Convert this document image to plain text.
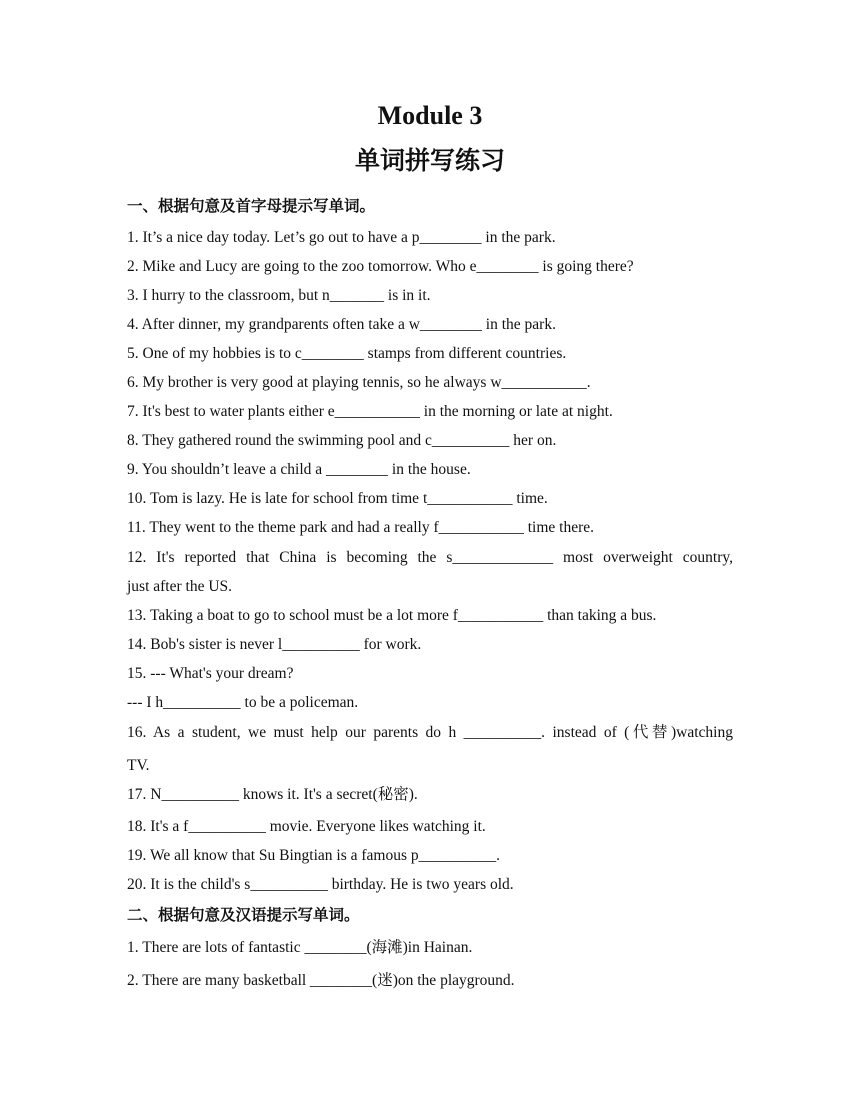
Module 3
单词拼写练习
一、根据句意及首字母提示写单词。
1. It’s a nice day today. Let’s go out to have a p________ in the park.
2. Mike and Lucy are going to the zoo tomorrow. Who e________ is going there?
3. I hurry to the classroom, but n_______ is in it.
4. After dinner, my grandparents often take a w________ in the park.
5. One of my hobbies is to c________ stamps from different countries.
6. My brother is very good at playing tennis, so he always w___________.
7. It's best to water plants either e___________ in the morning or late at night.
8. They gathered round the swimming pool and c__________ her on.
9. You shouldn’t leave a child a ________ in the house.
10. Tom is lazy. He is late for school from time t___________ time.
11. They went to the theme park and had a really f___________ time there.
12. It's reported that China is becoming the s_____________ most overweight country,
just after the US.
13. Taking a boat to go to school must be a lot more f___________ than taking a bus.
14. Bob's sister is never l__________ for work.
15. --- What's your dream?
--- I h__________ to be a policeman.
16. As a student, we must help our parents do h __________. instead of (代替)watching
TV.
17. N__________ knows it. It's a secret(秘密).
18. It's a f__________ movie. Everyone likes watching it.
19. We all know that Su Bingtian is a famous p__________.
20. It is the child's s__________ birthday. He is two years old.
二、根据句意及汉语提示写单词。
1. There are lots of fantastic ________(海滩)in Hainan.
2. There are many basketball ________(迷)on the playground.
